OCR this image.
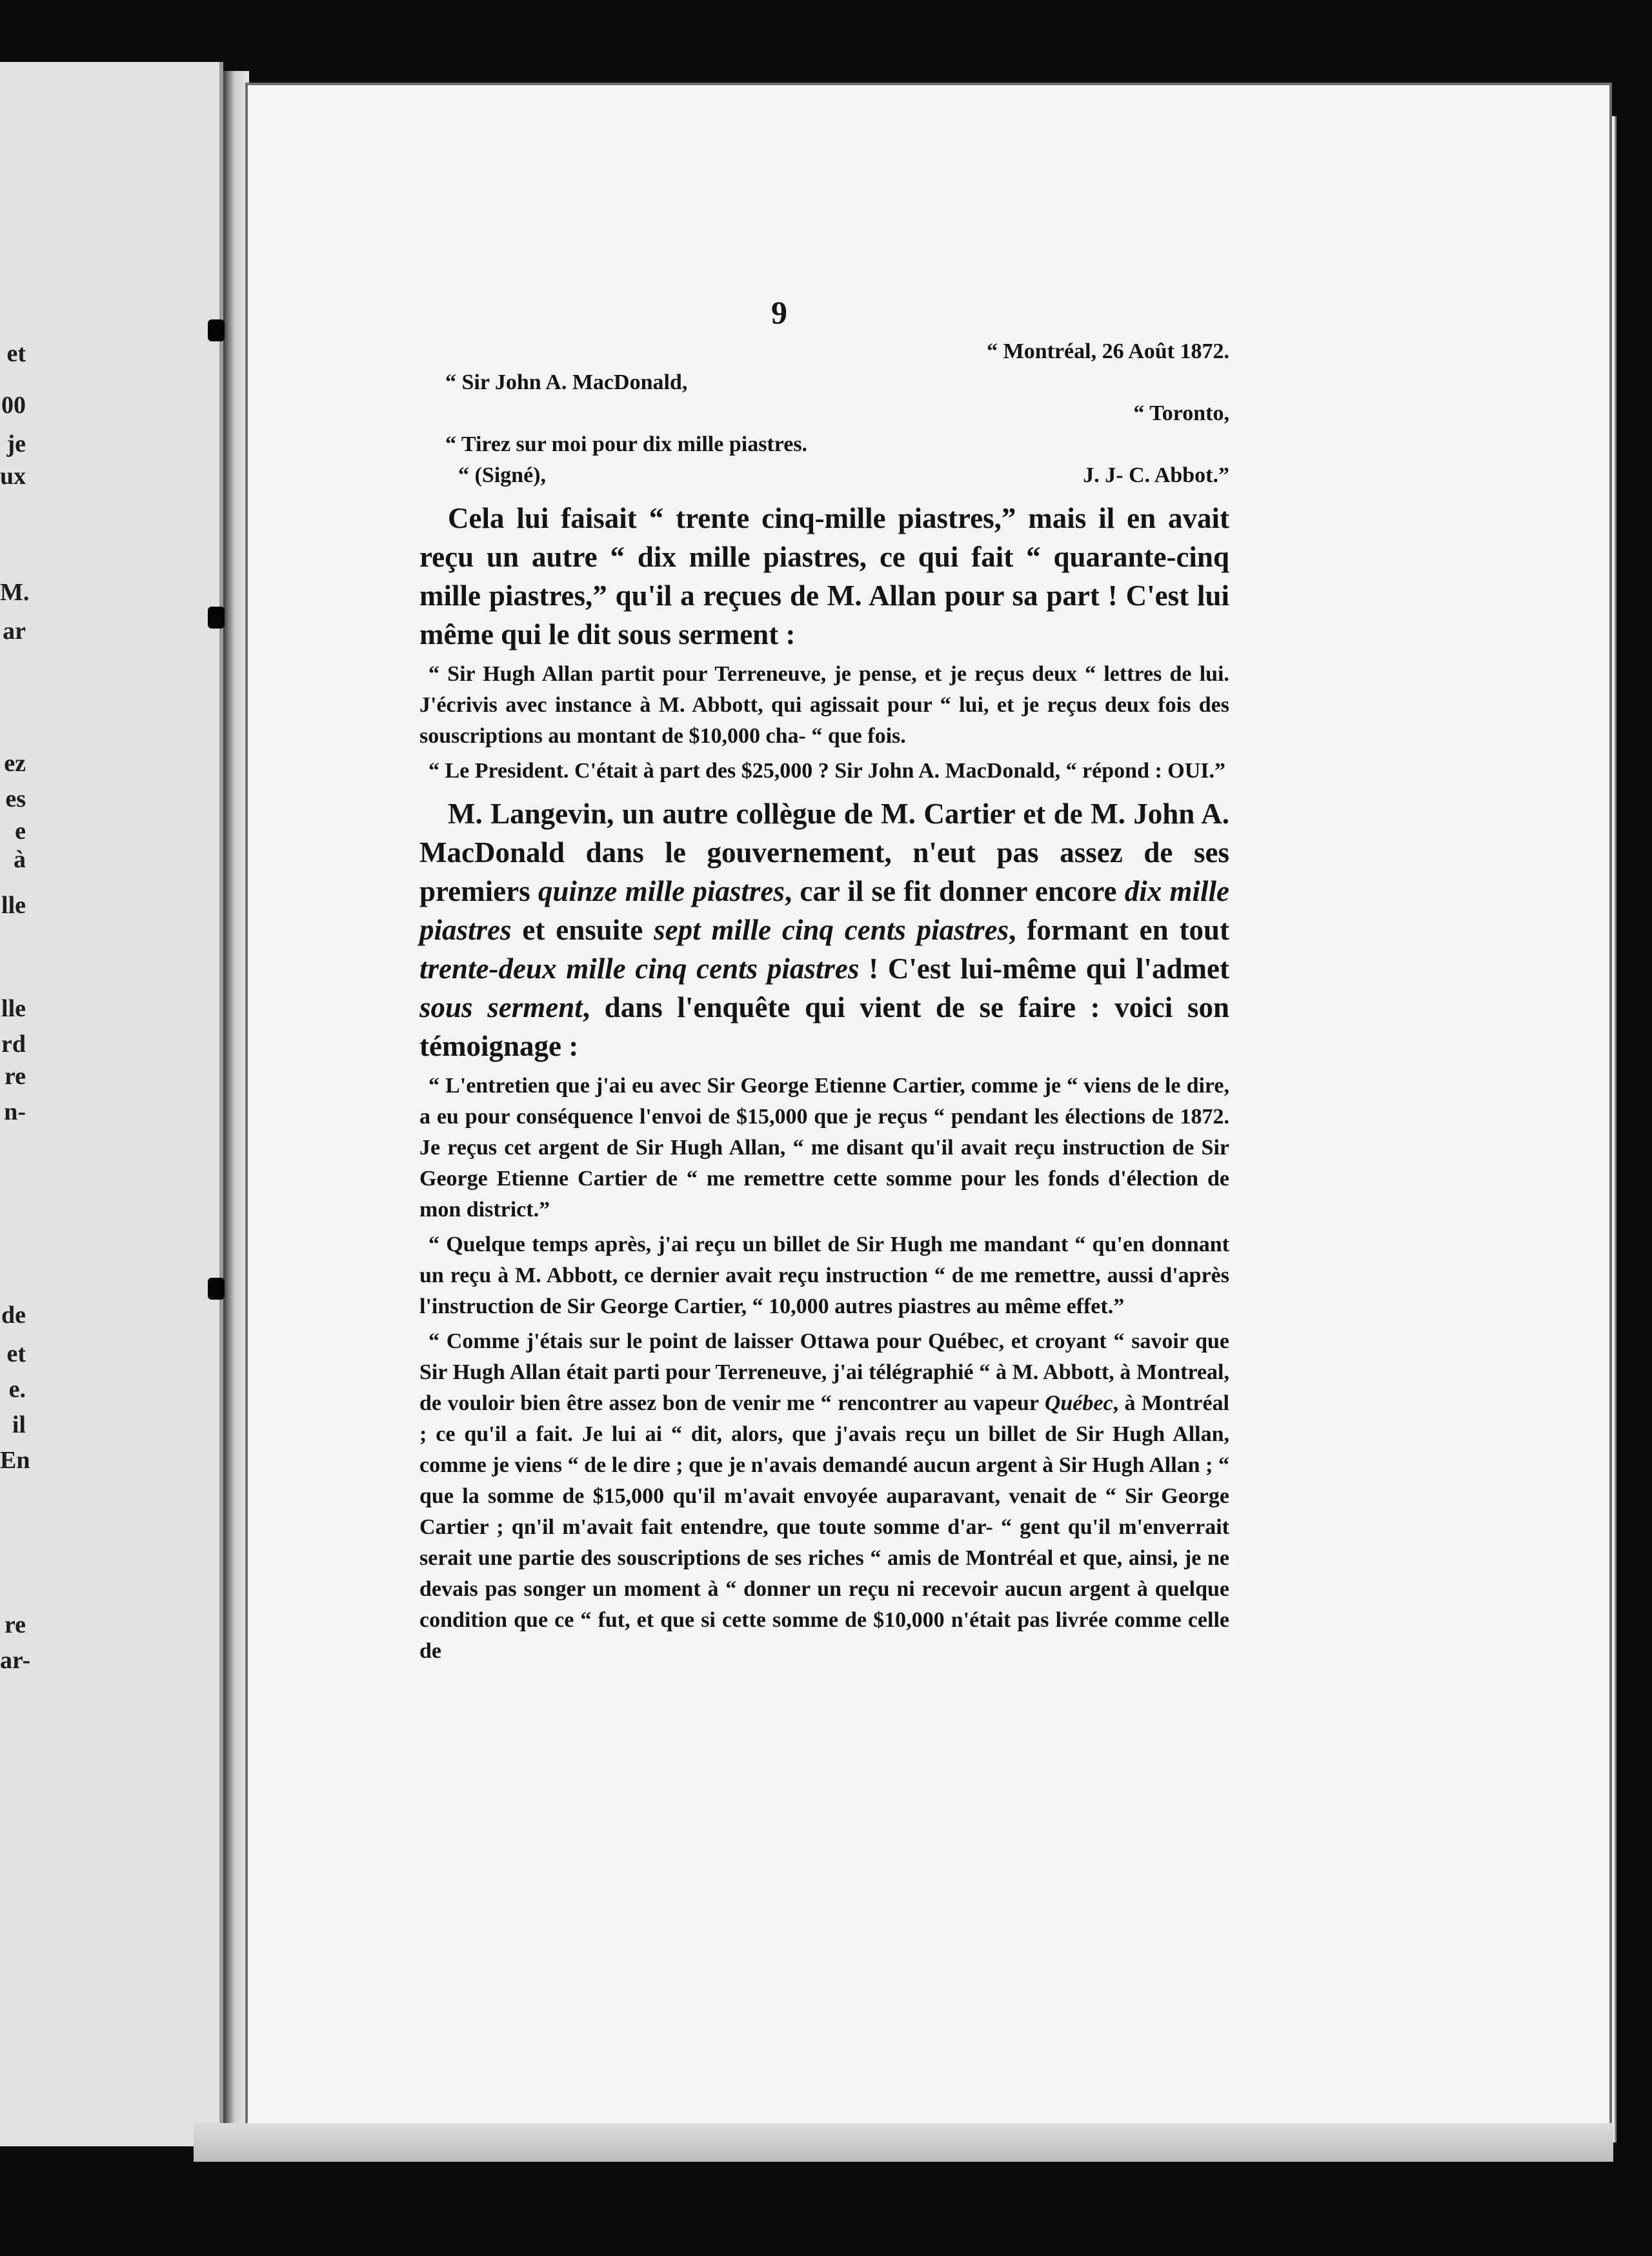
et
00
je
ux
M.
ar
ez
es
e à
lle
lle
rd
re
n-
de
et
e.
il
En
re
ar-
9
“ Montréal, 26 Août 1872.
“ Sir John A. MacDonald,
“ Toronto,
“ Tirez sur moi pour dix mille piastres.
“ (Signé),	J. J- C. Abbot.”

Cela lui faisait “ trente cinq-mille piastres,” mais il en avait reçu un autre “ dix mille piastres, ce qui fait “ quarante-cinq mille piastres,” qu'il a reçues de M. Allan pour sa part ! C'est lui même qui le dit sous serment :

“ Sir Hugh Allan partit pour Terreneuve, je pense, et je reçus deux “ lettres de lui. J'écrivis avec instance à M. Abbott, qui agissait pour “ lui, et je reçus deux fois des souscriptions au montant de $10,000 cha- “ que fois.

“ Le President. C'était à part des $25,000 ? Sir John A. MacDonald, “ répond : OUI.”

M. Langevin, un autre collègue de M. Cartier et de M. John A. MacDonald dans le gouvernement, n'eut pas assez de ses premiers quinze mille piastres, car il se fit donner encore dix mille piastres et ensuite sept mille cinq cents piastres, formant en tout trente-deux mille cinq cents piastres ! C'est lui-même qui l'admet sous serment, dans l'enquête qui vient de se faire : voici son témoignage :

“ L'entretien que j'ai eu avec Sir George Etienne Cartier, comme je “ viens de le dire, a eu pour conséquence l'envoi de $15,000 que je reçus “ pendant les élections de 1872. Je reçus cet argent de Sir Hugh Allan, “ me disant qu'il avait reçu instruction de Sir George Etienne Cartier de “ me remettre cette somme pour les fonds d'élection de mon district.”

“ Quelque temps après, j'ai reçu un billet de Sir Hugh me mandant “ qu'en donnant un reçu à M. Abbott, ce dernier avait reçu instruction “ de me remettre, aussi d'après l'instruction de Sir George Cartier, “ 10,000 autres piastres au même effet.”

“ Comme j'étais sur le point de laisser Ottawa pour Québec, et croyant “ savoir que Sir Hugh Allan était parti pour Terreneuve, j'ai télégraphié “ à M. Abbott, à Montreal, de vouloir bien être assez bon de venir me “ rencontrer au vapeur Québec, à Montréal ; ce qu'il a fait. Je lui ai “ dit, alors, que j'avais reçu un billet de Sir Hugh Allan, comme je viens “ de le dire ; que je n'avais demandé aucun argent à Sir Hugh Allan ; “ que la somme de $15,000 qu'il m'avait envoyée auparavant, venait de “ Sir George Cartier ; qn'il m'avait fait entendre, que toute somme d'ar- “ gent qu'il m'enverrait serait une partie des souscriptions de ses riches “ amis de Montréal et que, ainsi, je ne devais pas songer un moment à “ donner un reçu ni recevoir aucun argent à quelque condition que ce “ fut, et que si cette somme de $10,000 n'était pas livrée comme celle de
